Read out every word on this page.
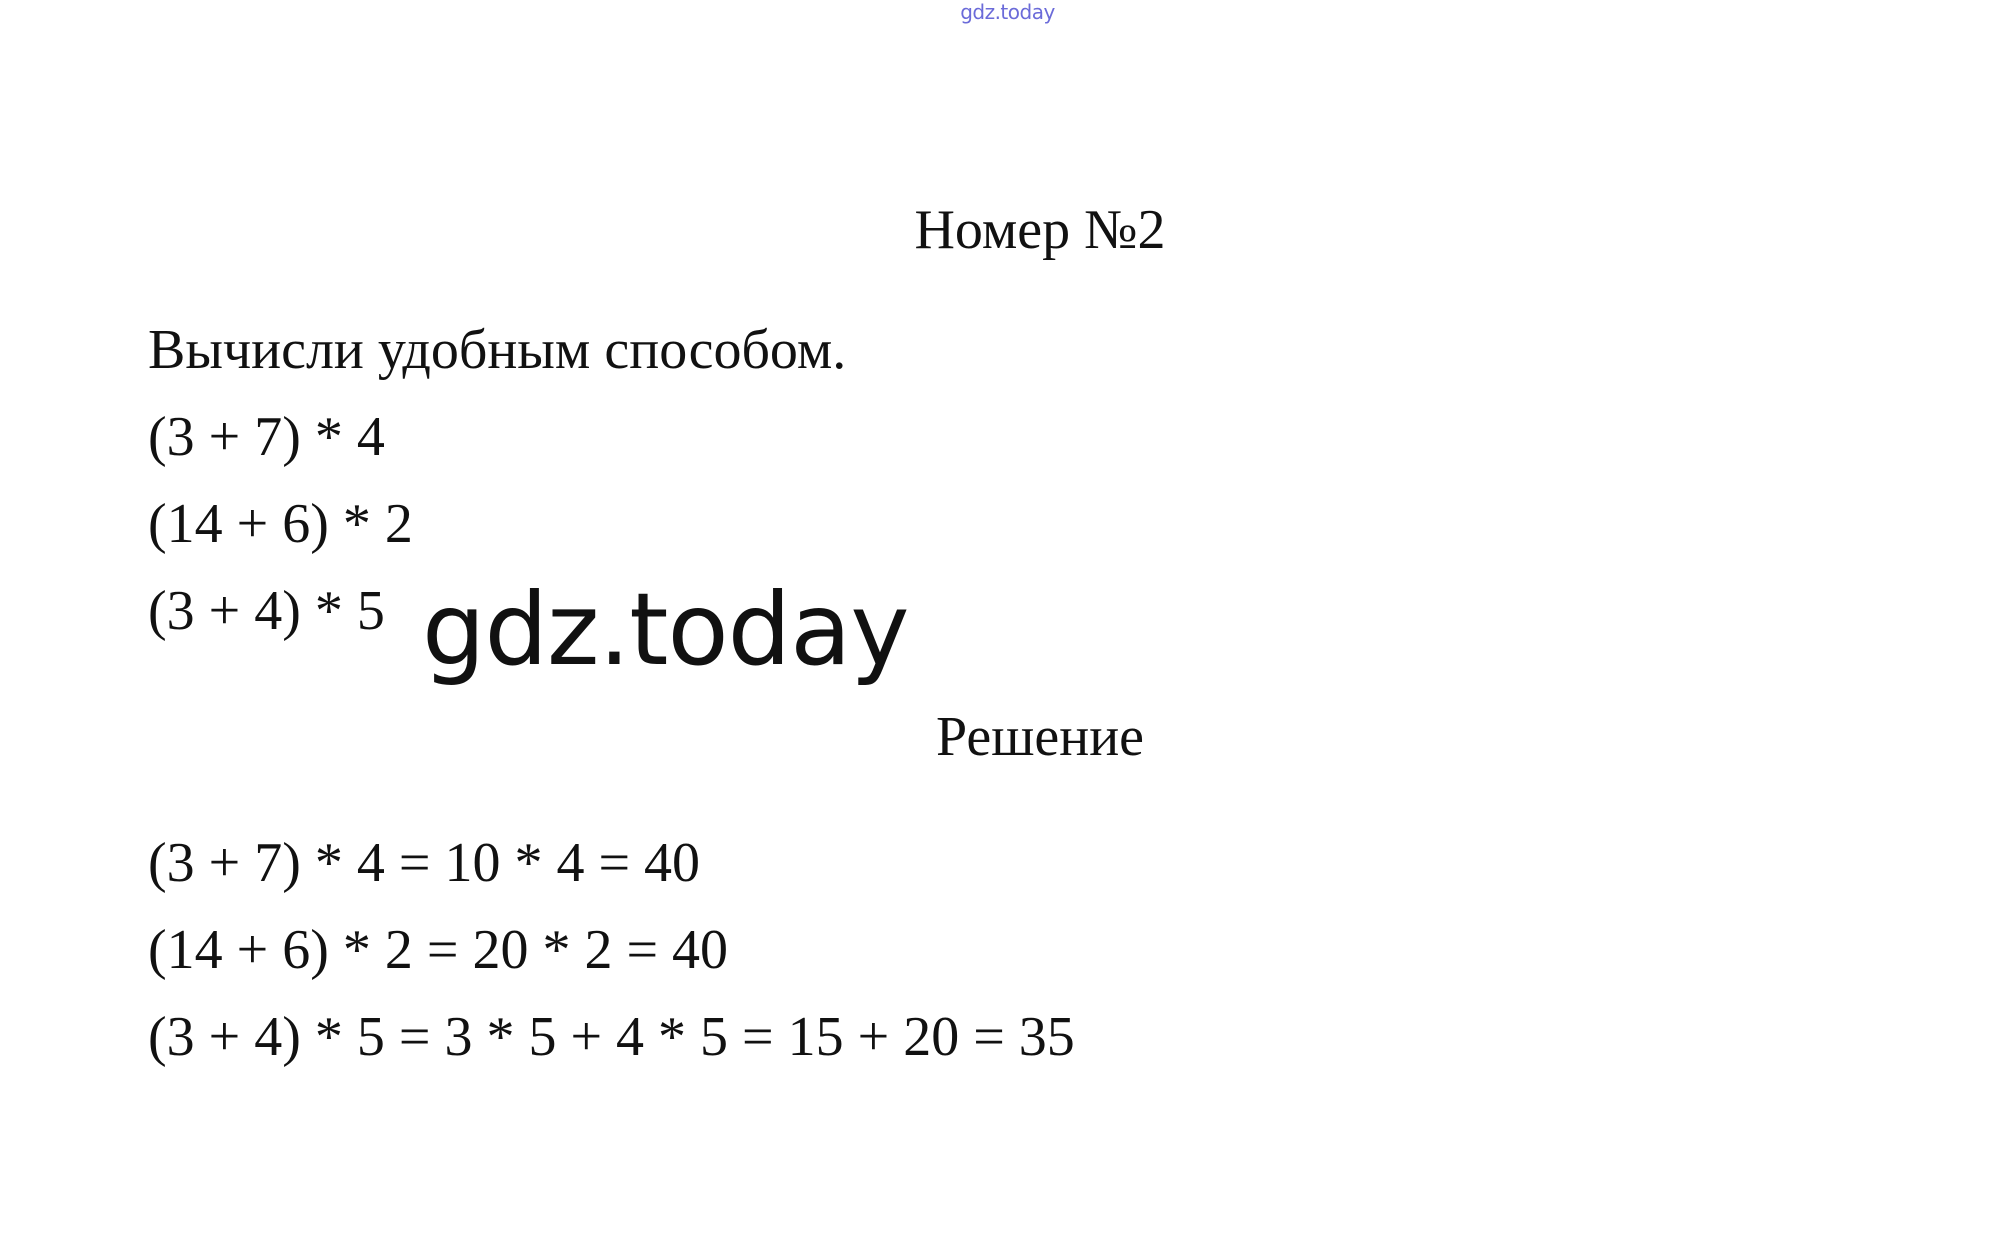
gdz.today
Номер №2
Вычисли удобным способом.
(3 + 7) * 4
(14 + 6) * 2
(3 + 4) * 5 gdz.today
Решение
(3 + 7) * 4 = 10 * 4 = 40
(14 + 6) * 2 = 20 * 2 = 40
(3 + 4) * 5 = 3 * 5 + 4 * 5 = 15 + 20 = 35
